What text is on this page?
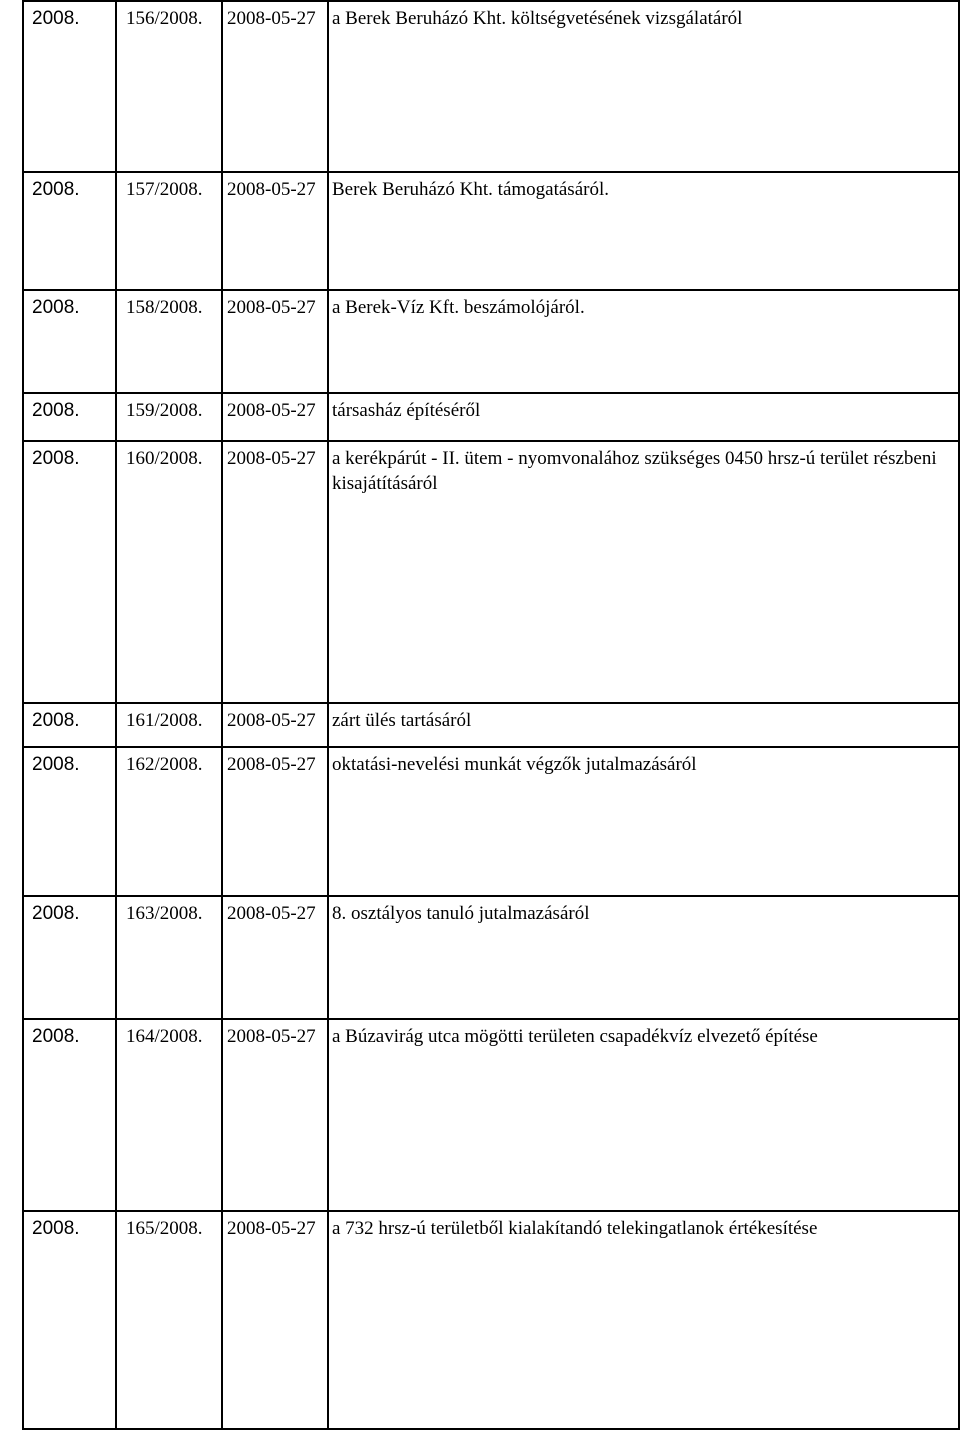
2008.	156/2008.	2008-05-27	a Berek Beruházó Kht. költségvetésének vizsgálatáról
2008.	157/2008.	2008-05-27	Berek Beruházó Kht. támogatásáról.
2008.	158/2008.	2008-05-27	a Berek-Víz Kft. beszámolójáról.
2008.	159/2008.	2008-05-27	társasház építéséről
2008.	160/2008.	2008-05-27	a kerékpárút - II. ütem - nyomvonalához szükséges 0450 hrsz-ú terület részbeni kisajátításáról
2008.	161/2008.	2008-05-27	zárt ülés tartásáról
2008.	162/2008.	2008-05-27	oktatási-nevelési munkát végzők jutalmazásáról
2008.	163/2008.	2008-05-27	8. osztályos tanuló jutalmazásáról
2008.	164/2008.	2008-05-27	a Búzavirág utca mögötti területen csapadékvíz elvezető építése
2008.	165/2008.	2008-05-27	a 732 hrsz-ú területből kialakítandó telekingatlanok értékesítése
